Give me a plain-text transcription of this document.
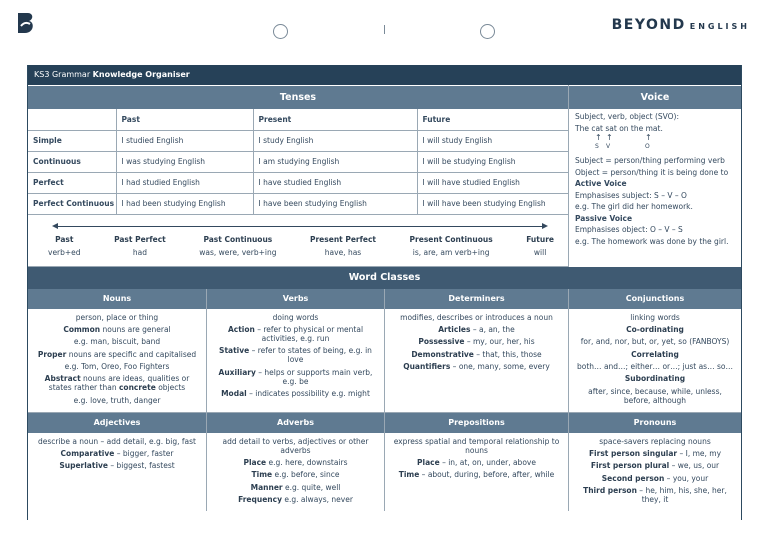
BEYOND ENGLISH
KS3 Grammar Knowledge Organiser
Tenses
	Past	Present	Future
Simple	I studied English	I study English	I will study English
Continuous	I was studying English	I am studying English	I will be studying English
Perfect	I had studied English	I have studied English	I will have studied English
Perfect Continuous	I had been studying English	I have been studying English	I will have been studying English
Past
verb+ed
Past Perfect
had
Past Continuous
was, were, verb+ing
Present Perfect
have, has
Present Continuous
is, are, am verb+ing
Future
will
Voice

Subject, verb, object (SVO):

The cat sat on the mat.

↑ ↑	↑
S V	O

Subject = person/thing performing verb

Object = person/thing it is being done to

Active Voice

Emphasises subject: S – V – O

e.g. The girl did her homework.

Passive Voice

Emphasises object: O – V – S

e.g. The homework was done by the girl.

Word Classes
Nouns

person, place or thing

Common nouns are general

e.g. man, biscuit, band

Proper nouns are specific and capitalised

e.g. Tom, Oreo, Foo Fighters

Abstract nouns are ideas, qualities or states rather than concrete objects

e.g. love, truth, danger

Verbs

doing words

Action – refer to physical or mental activities, e.g. run

Stative – refer to states of being, e.g. in love

Auxiliary – helps or supports main verb, e.g. be

Modal – indicates possibility e.g. might

Determiners

modifies, describes or introduces a noun

Articles – a, an, the

Possessive – my, our, her, his

Demonstrative – that, this, those

Quantifiers – one, many, some, every

Conjunctions

linking words

Co-ordinating

for, and, nor, but, or, yet, so (FANBOYS)

Correlating

both… and…; either… or…; just as… so…

Subordinating

after, since, because, while, unless, before, although

Adjectives

describe a noun – add detail, e.g. big, fast

Comparative – bigger, faster

Superlative – biggest, fastest

Adverbs

add detail to verbs, adjectives or other adverbs

Place e.g. here, downstairs

Time e.g. before, since

Manner e.g. quite, well

Frequency e.g. always, never

Prepositions

express spatial and temporal relationship to nouns

Place – in, at, on, under, above

Time – about, during, before, after, while

Pronouns

space-savers replacing nouns

First person singular – I, me, my

First person plural – we, us, our

Second person – you, your

Third person – he, him, his, she, her, they, it
